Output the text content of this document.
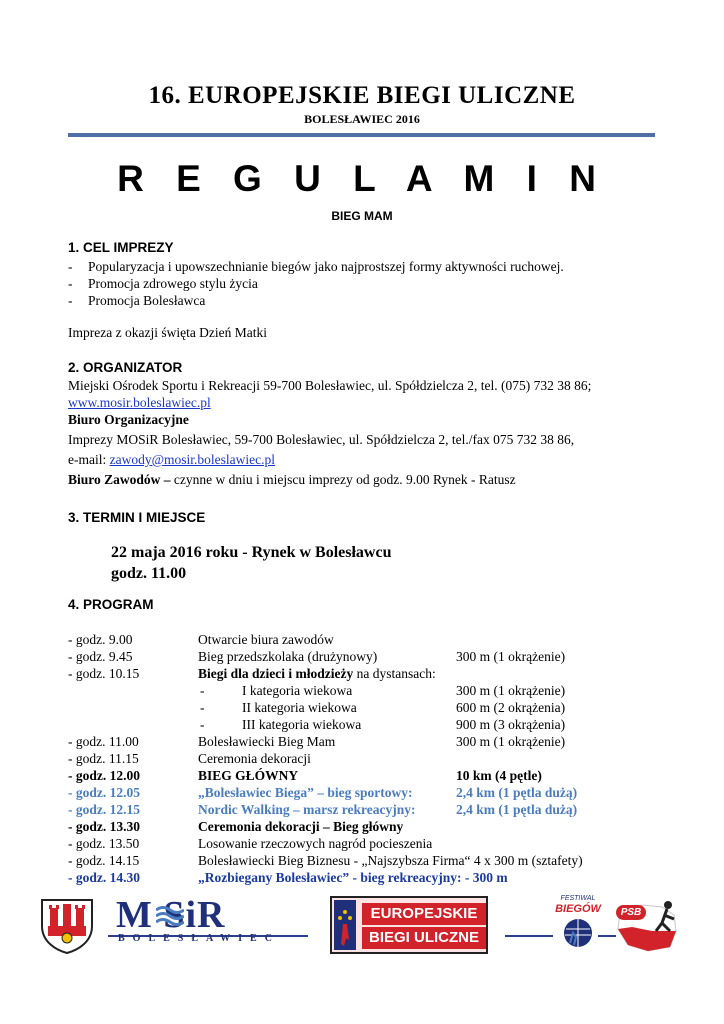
16. EUROPEJSKIE BIEGI ULICZNE
BOLESŁAWIEC 2016
R E G U L A M I N
BIEG MAM
1. CEL IMPREZY
- Popularyzacja i upowszechnianie biegów jako najprostszej formy aktywności ruchowej.
- Promocja zdrowego stylu życia
- Promocja Bolesławca
Impreza z okazji święta Dzień Matki
2. ORGANIZATOR
Miejski Ośrodek Sportu i Rekreacji 59-700 Bolesławiec, ul. Spółdzielcza 2, tel. (075) 732 38 86;
www.mosir.boleslawiec.pl
Biuro Organizacyjne
Imprezy MOSiR Bolesławiec, 59-700 Bolesławiec, ul. Spółdzielcza 2, tel./fax 075 732 38 86,
e-mail: zawody@mosir.boleslawiec.pl
Biuro Zawodów – czynne w dniu i miejscu imprezy od godz. 9.00 Rynek - Ratusz
3. TERMIN I MIEJSCE
22 maja 2016 roku - Rynek w Bolesławcu
godz. 11.00
4. PROGRAM
- godz. 9.00	Otwarcie biura zawodów
- godz. 9.45	Bieg przedszkolaka (drużynowy)	300 m (1 okrążenie)
- godz. 10.15	Biegi dla dzieci i młodzieży na dystansach:
-	I kategoria wiekowa	300 m (1 okrążenie)
-	II kategoria wiekowa	600 m (2 okrążenia)
-	III kategoria wiekowa	900 m (3 okrążenia)
- godz. 11.00	Bolesławiecki Bieg Mam	300 m (1 okrążenie)
- godz. 11.15	Ceremonia dekoracji
- godz. 12.00	BIEG GŁÓWNY	10 km (4 pętle)
- godz. 12.05	„Bolesławiec Biega” – bieg sportowy:	2,4 km (1 pętla dużą)
- godz. 12.15	Nordic Walking – marsz rekreacyjny:	2,4 km (1 pętla dużą)
- godz. 13.30	Ceremonia dekoracji – Bieg główny
- godz. 13.50	Losowanie rzeczowych nagród pocieszenia
- godz. 14.15	Bolesławiecki Bieg Biznesu - „Najszybsza Firma“ 4 x 300 m (sztafety)
- godz. 14.30	„Rozbiegany Bolesławiec” - bieg rekreacyjny: - 300 m
M SiR
BOLESŁAWIEC
EUROPEJSKIE
BIEGI ULICZNE
FESTIWAL
BIEGÓW	PSB
